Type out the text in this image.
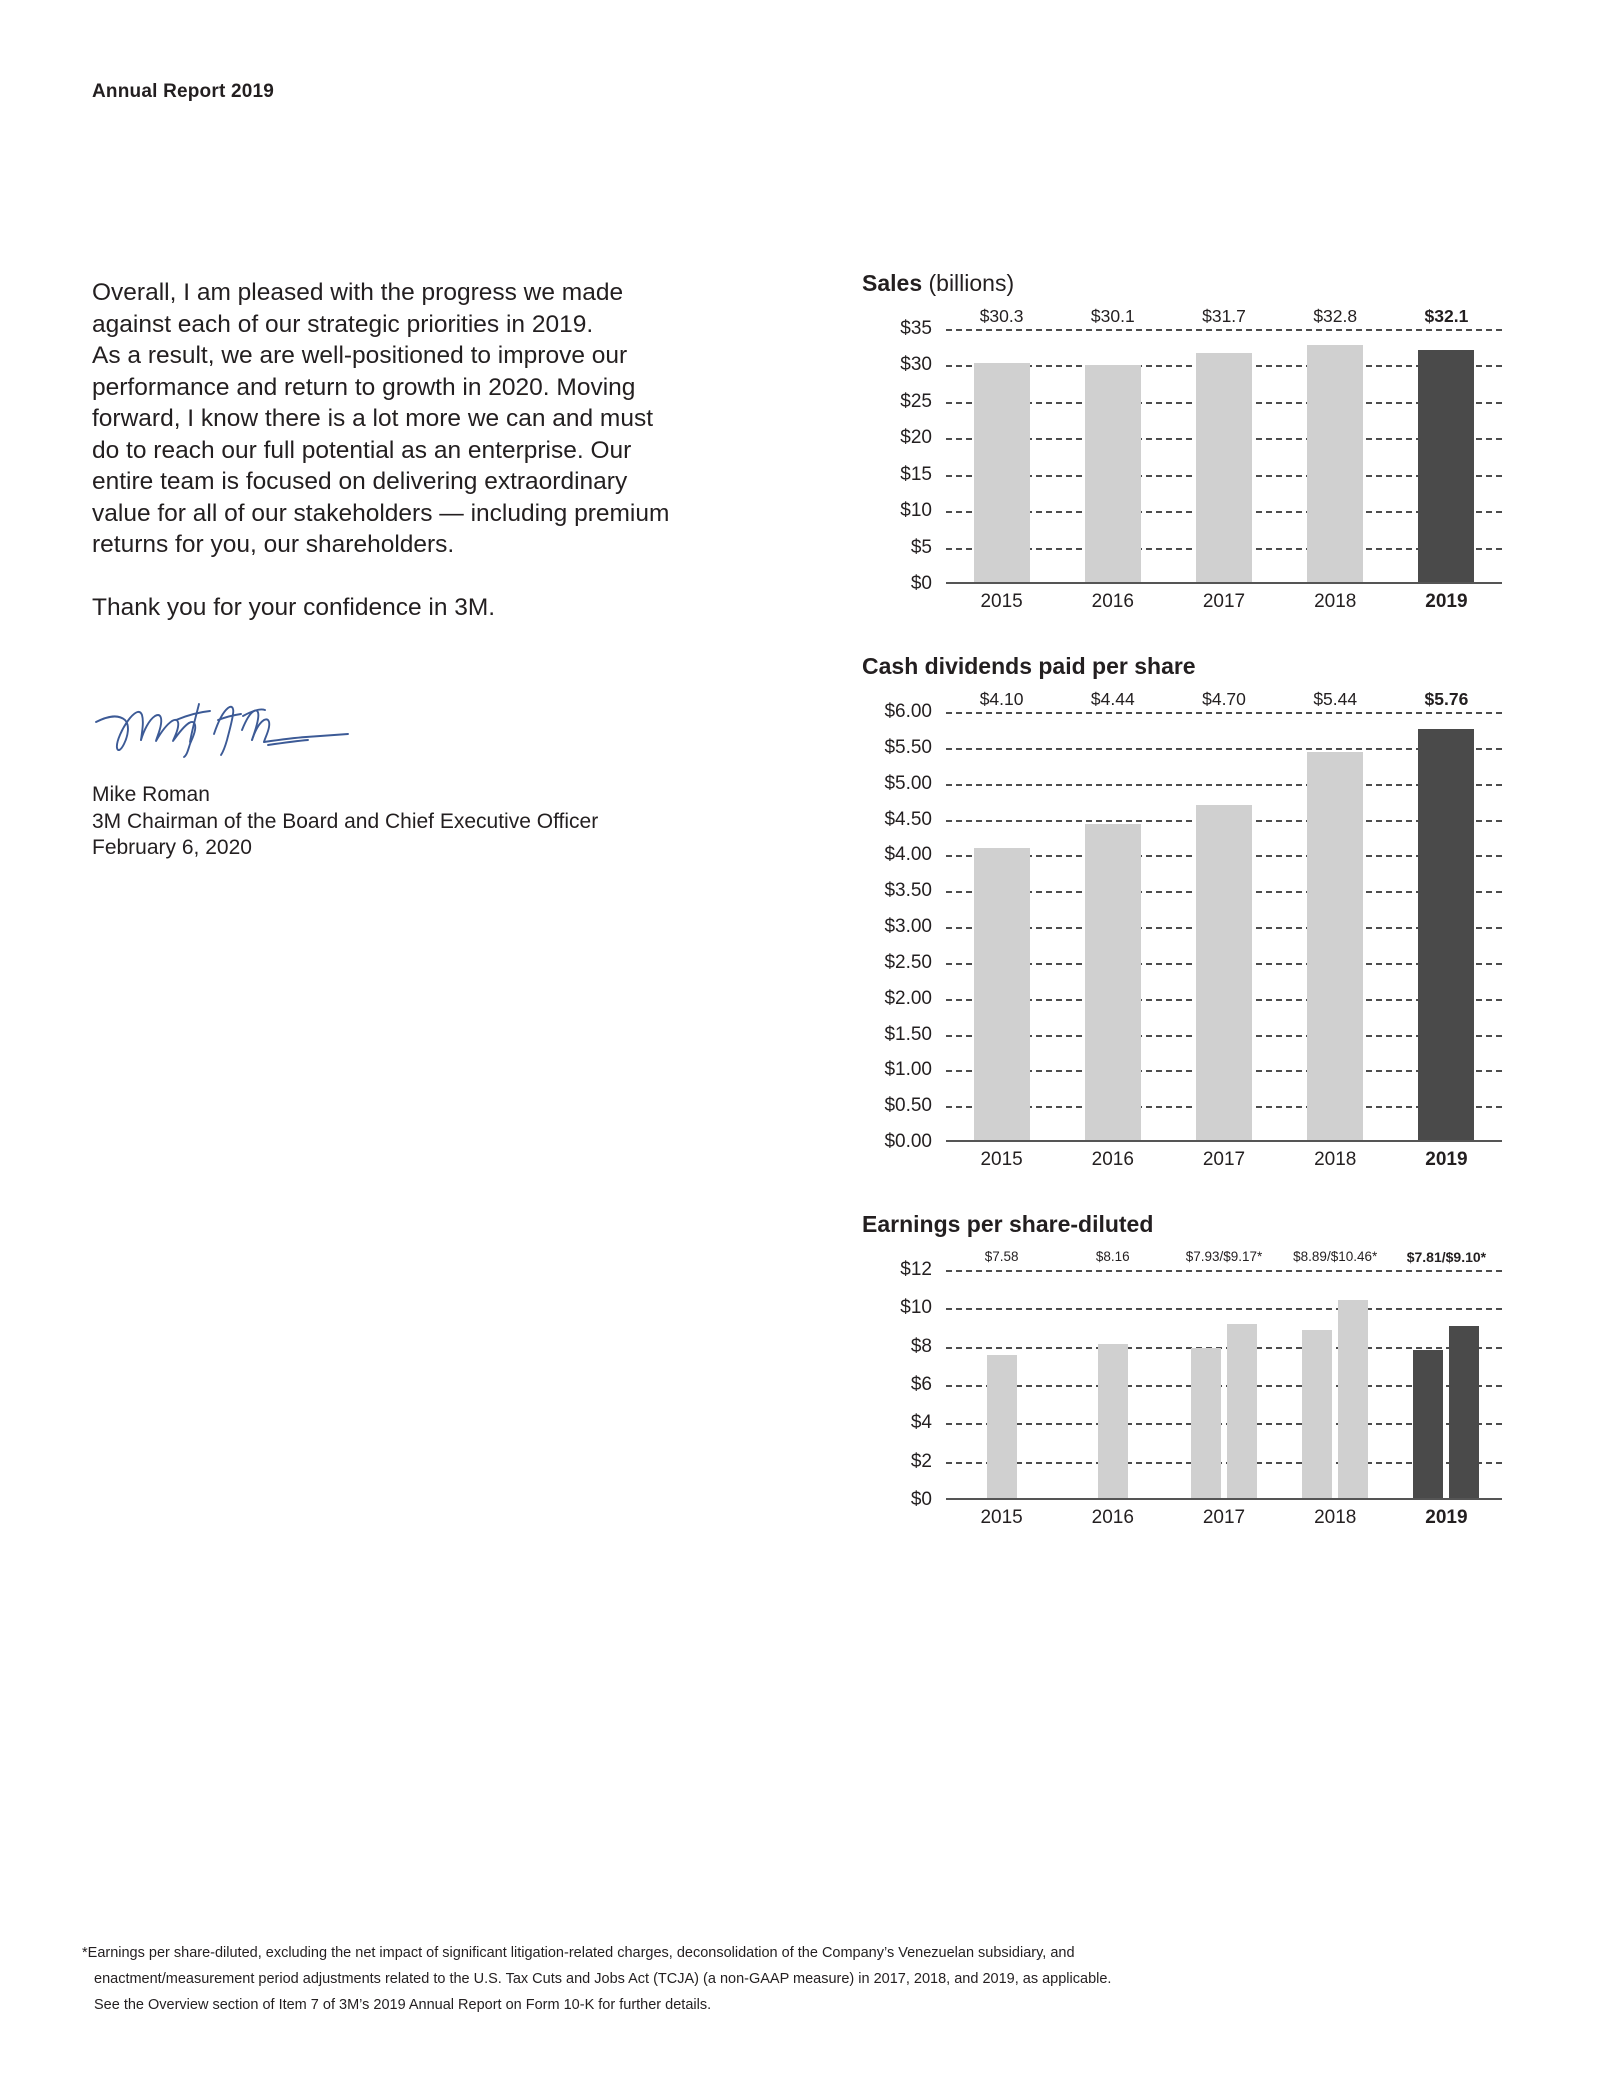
Annual Report 2019

Overall, I am pleased with the progress we made
against each of our strategic priorities in 2019.
As a result, we are well-positioned to improve our
performance and return to growth in 2020. Moving
forward, I know there is a lot more we can and must
do to reach our full potential as an enterprise. Our
entire team is focused on delivering extraordinary
value for all of our stakeholders — including premium
returns for you, our shareholders.

Thank you for your confidence in 3M.

Mike Roman
3M Chairman of the Board and Chief Executive Officer
February 6, 2020
Sales (billions)
$30.3	$30.1	$31.7	$32.8	$32.1
$0
$5
$10
$15
$20
$25
$30
$35
2015	2016	2017	2018	2019
Cash dividends paid per share
$4.10	$4.44	$4.70	$5.44	$5.76
$0.00
$0.50
$1.00
$1.50
$2.00
$2.50
$3.00
$3.50
$4.00
$4.50
$5.00
$5.50
$6.00
2015	2016	2017	2018	2019
Earnings per share-diluted
$7.58	$8.16	$7.93/$9.17*	$8.89/$10.46*	$7.81/$9.10*
$0
$2
$4
$6
$8
$10
$12
2015	2016	2017	2018	2019
*Earnings per share-diluted, excluding the net impact of significant litigation-related charges, deconsolidation of the Company’s Venezuelan subsidiary, and
enactment/measurement period adjustments related to the U.S. Tax Cuts and Jobs Act (TCJA) (a non-GAAP measure) in 2017, 2018, and 2019, as applicable.
See the Overview section of Item 7 of 3M’s 2019 Annual Report on Form 10-K for further details.
